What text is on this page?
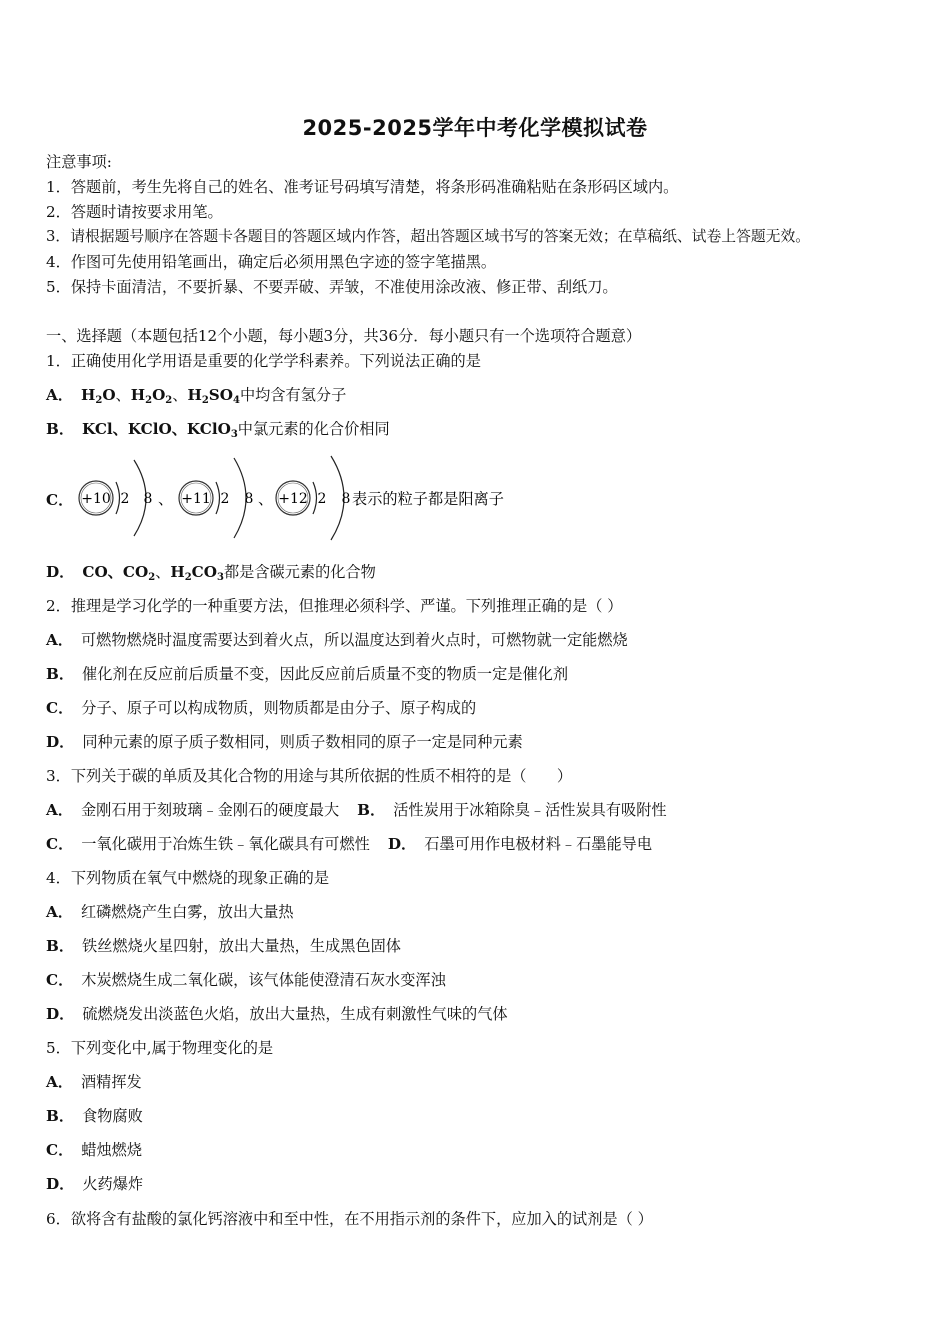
2025-2025学年中考化学模拟试卷
注意事项:
1．答题前，考生先将自己的姓名、准考证号码填写清楚，将条形码准确粘贴在条形码区域内。
2．答题时请按要求用笔。
3．请根据题号顺序在答题卡各题目的答题区域内作答，超出答题区域书写的答案无效；在草稿纸、试卷上答题无效。
4．作图可先使用铅笔画出，确定后必须用黑色字迹的签字笔描黑。
5．保持卡面清洁，不要折暴、不要弄破、弄皱，不准使用涂改液、修正带、刮纸刀。
一、选择题（本题包括12个小题，每小题3分，共36分．每小题只有一个选项符合题意）
1．正确使用化学用语是重要的化学学科素养。下列说法正确的是
A． $H_2O$、$H_2O_2$、$H_2SO_4$中均含有氢分子
B． KCl、KClO、KClO$_3$中氯元素的化合价相同
C． +10 2 8 、 +11 2 8 、 +12 2 8 表示的粒子都是阳离子
D． CO、$CO_2$、$H_2CO_3$都是含碳元素的化合物
2．推理是学习化学的一种重要方法，但推理必须科学、严谨。下列推理正确的是（ ）
A． 可燃物燃烧时温度需要达到着火点，所以温度达到着火点时，可燃物就一定能燃烧
B． 催化剂在反应前后质量不变，因此反应前后质量不变的物质一定是催化剂
C． 分子、原子可以构成物质，则物质都是由分子、原子构成的
D． 同种元素的原子质子数相同，则质子数相同的原子一定是同种元素
3．下列关于碳的单质及其化合物的用途与其所依据的性质不相符的是（　　）
A． 金刚石用于刻玻璃﹣金刚石的硬度最大 B． 活性炭用于冰箱除臭﹣活性炭具有吸附性
C． 一氧化碳用于冶炼生铁﹣氧化碳具有可燃性 D． 石墨可用作电极材料﹣石墨能导电
4．下列物质在氧气中燃烧的现象正确的是
A． 红磷燃烧产生白雾，放出大量热
B． 铁丝燃烧火星四射，放出大量热，生成黑色固体
C． 木炭燃烧生成二氧化碳，该气体能使澄清石灰水变浑浊
D． 硫燃烧发出淡蓝色火焰，放出大量热，生成有刺激性气味的气体
5．下列变化中,属于物理变化的是
A． 酒精挥发
B． 食物腐败
C． 蜡烛燃烧
D． 火药爆炸
6．欲将含有盐酸的氯化钙溶液中和至中性，在不用指示剂的条件下，应加入的试剂是（ ）
